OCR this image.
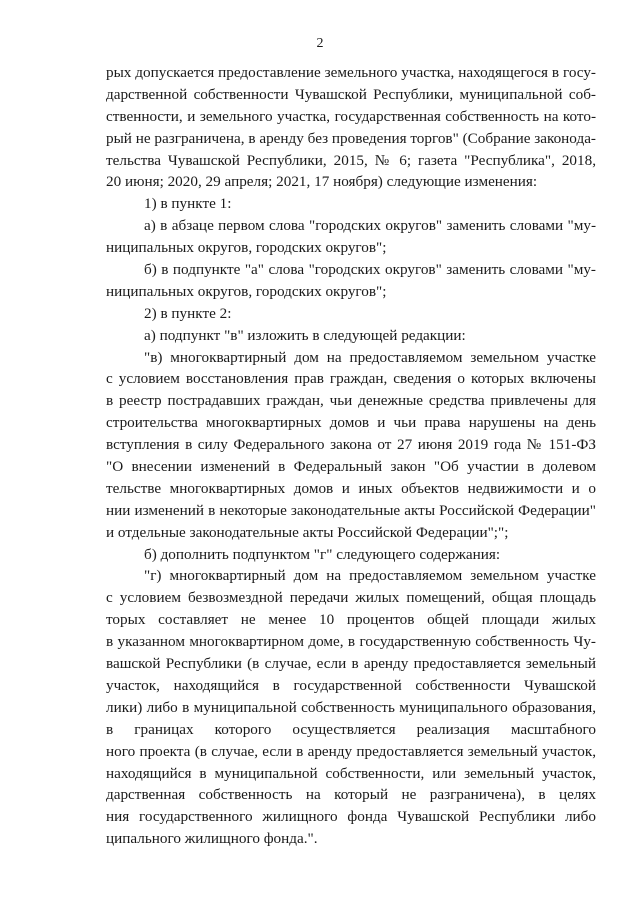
2
рых допускается предоставление земельного участка, находящегося в госу-
дарственной собственности Чувашской Республики, муниципальной соб-
ственности, и земельного участка, государственная собственность на кото-
рый не разграничена, в аренду без проведения торгов" (Собрание законода-
тельства Чувашской Республики, 2015, № 6; газета "Республика", 2018,
20 июня; 2020, 29 апреля; 2021, 17 ноября) следующие изменения:
1) в пункте 1:
а) в абзаце первом слова "городских округов" заменить словами "му-
ниципальных округов, городских округов";
б) в подпункте "а" слова "городских округов" заменить словами "му-
ниципальных округов, городских округов";
2) в пункте 2:
а) подпункт "в" изложить в следующей редакции:
"в) многоквартирный дом на предоставляемом земельном участке
с условием восстановления прав граждан, сведения о которых включены
в реестр пострадавших граждан, чьи денежные средства привлечены для
строительства многоквартирных домов и чьи права нарушены на день
вступления в силу Федерального закона от 27 июня 2019 года № 151-ФЗ
"О внесении изменений в Федеральный закон "Об участии в долевом
тельстве многоквартирных домов и иных объектов недвижимости и о
нии изменений в некоторые законодательные акты Российской Федерации"
и отдельные законодательные акты Российской Федерации";";
б) дополнить подпунктом "г" следующего содержания:
"г) многоквартирный дом на предоставляемом земельном участке
с условием безвозмездной передачи жилых помещений, общая площадь
торых составляет не менее 10 процентов общей площади жилых
в указанном многоквартирном доме, в государственную собственность Чу-
вашской Республики (в случае, если в аренду предоставляется земельный
участок, находящийся в государственной собственности Чувашской
лики) либо в муниципальной собственность муниципального образования,
в границах которого осуществляется реализация масштабного
ного проекта (в случае, если в аренду предоставляется земельный участок,
находящийся в муниципальной собственности, или земельный участок,
дарственная собственность на который не разграничена), в целях
ния государственного жилищного фонда Чувашской Республики либо
ципального жилищного фонда.".
